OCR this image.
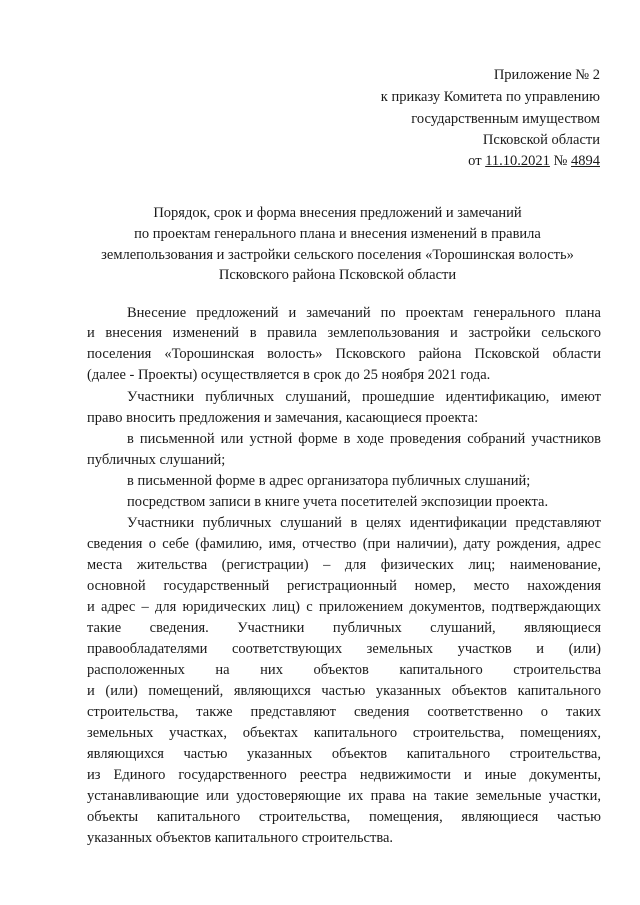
Приложение № 2
к приказу Комитета по управлению
государственным имуществом
Псковской области
от 11.10.2021 № 4894
Порядок, срок и форма внесения предложений и замечаний
по проектам генерального плана и внесения изменений в правила
землепользования и застройки сельского поселения «Торошинская волость»
Псковского района Псковской области
Внесение предложений и замечаний по проектам генерального плана
и внесения изменений в правила землепользования и застройки сельского
поселения «Торошинская волость» Псковского района Псковской области
(далее - Проекты) осуществляется в срок до 25 ноября 2021 года.
Участники публичных слушаний, прошедшие идентификацию, имеют
право вносить предложения и замечания, касающиеся проекта:
в письменной или устной форме в ходе проведения собраний участников
публичных слушаний;
в письменной форме в адрес организатора публичных слушаний;
посредством записи в книге учета посетителей экспозиции проекта.
Участники публичных слушаний в целях идентификации представляют
сведения о себе (фамилию, имя, отчество (при наличии), дату рождения, адрес
места жительства (регистрации) – для физических лиц; наименование,
основной государственный регистрационный номер, место нахождения
и адрес – для юридических лиц) с приложением документов, подтверждающих
такие сведения. Участники публичных слушаний, являющиеся
правообладателями соответствующих земельных участков и (или)
расположенных на них объектов капитального строительства
и (или) помещений, являющихся частью указанных объектов капитального
строительства, также представляют сведения соответственно о таких
земельных участках, объектах капитального строительства, помещениях,
являющихся частью указанных объектов капитального строительства,
из Единого государственного реестра недвижимости и иные документы,
устанавливающие или удостоверяющие их права на такие земельные участки,
объекты капитального строительства, помещения, являющиеся частью
указанных объектов капитального строительства.
